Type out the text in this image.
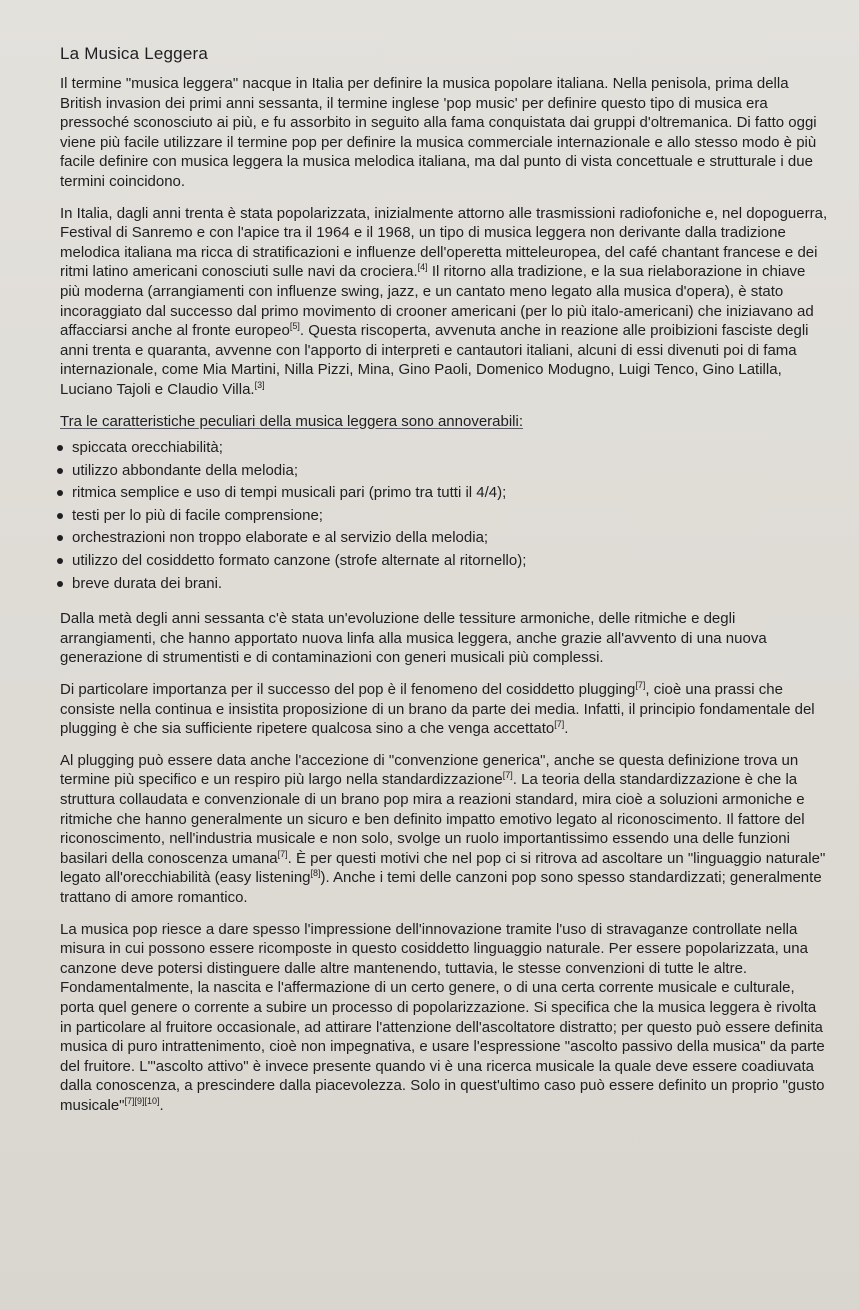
La Musica Leggera

Il termine "musica leggera" nacque in Italia per definire la musica popolare italiana. Nella penisola, prima della British invasion dei primi anni sessanta, il termine inglese 'pop music' per definire questo tipo di musica era pressoché sconosciuto ai più, e fu assorbito in seguito alla fama conquistata dai gruppi d'oltremanica. Di fatto oggi viene più facile utilizzare il termine pop per definire la musica commerciale internazionale e allo stesso modo è più facile definire con musica leggera la musica melodica italiana, ma dal punto di vista concettuale e strutturale i due termini coincidono.

In Italia, dagli anni trenta è stata popolarizzata, inizialmente attorno alle trasmissioni radiofoniche e, nel dopoguerra, Festival di Sanremo e con l'apice tra il 1964 e il 1968, un tipo di musica leggera non derivante dalla tradizione melodica italiana ma ricca di stratificazioni e influenze dell'operetta mitteleuropea, del café chantant francese e dei ritmi latino americani conosciuti sulle navi da crociera.[4] Il ritorno alla tradizione, e la sua rielaborazione in chiave più moderna (arrangiamenti con influenze swing, jazz, e un cantato meno legato alla musica d'opera), è stato incoraggiato dal successo dal primo movimento di crooner americani (per lo più italo-americani) che iniziavano ad affacciarsi anche al fronte europeo[5]. Questa riscoperta, avvenuta anche in reazione alle proibizioni fasciste degli anni trenta e quaranta, avvenne con l'apporto di interpreti e cantautori italiani, alcuni di essi divenuti poi di fama internazionale, come Mia Martini, Nilla Pizzi, Mina, Gino Paoli, Domenico Modugno, Luigi Tenco, Gino Latilla, Luciano Tajoli e Claudio Villa.[3]

Tra le caratteristiche peculiari della musica leggera sono annoverabili:

spiccata orecchiabilità;
utilizzo abbondante della melodia;
ritmica semplice e uso di tempi musicali pari (primo tra tutti il 4/4);
testi per lo più di facile comprensione;
orchestrazioni non troppo elaborate e al servizio della melodia;
utilizzo del cosiddetto formato canzone (strofe alternate al ritornello);
breve durata dei brani.

Dalla metà degli anni sessanta c'è stata un'evoluzione delle tessiture armoniche, delle ritmiche e degli arrangiamenti, che hanno apportato nuova linfa alla musica leggera, anche grazie all'avvento di una nuova generazione di strumentisti e di contaminazioni con generi musicali più complessi.

Di particolare importanza per il successo del pop è il fenomeno del cosiddetto plugging[7], cioè una prassi che consiste nella continua e insistita proposizione di un brano da parte dei media. Infatti, il principio fondamentale del plugging è che sia sufficiente ripetere qualcosa sino a che venga accettato[7].

Al plugging può essere data anche l'accezione di "convenzione generica", anche se questa definizione trova un termine più specifico e un respiro più largo nella standardizzazione[7]. La teoria della standardizzazione è che la struttura collaudata e convenzionale di un brano pop mira a reazioni standard, mira cioè a soluzioni armoniche e ritmiche che hanno generalmente un sicuro e ben definito impatto emotivo legato al riconoscimento. Il fattore del riconoscimento, nell'industria musicale e non solo, svolge un ruolo importantissimo essendo una delle funzioni basilari della conoscenza umana[7]. È per questi motivi che nel pop ci si ritrova ad ascoltare un "linguaggio naturale" legato all'orecchiabilità (easy listening[8]). Anche i temi delle canzoni pop sono spesso standardizzati; generalmente trattano di amore romantico.

La musica pop riesce a dare spesso l'impressione dell'innovazione tramite l'uso di stravaganze controllate nella misura in cui possono essere ricomposte in questo cosiddetto linguaggio naturale. Per essere popolarizzata, una canzone deve potersi distinguere dalle altre mantenendo, tuttavia, le stesse convenzioni di tutte le altre. Fondamentalmente, la nascita e l'affermazione di un certo genere, o di una certa corrente musicale e culturale, porta quel genere o corrente a subire un processo di popolarizzazione. Si specifica che la musica leggera è rivolta in particolare al fruitore occasionale, ad attirare l'attenzione dell'ascoltatore distratto; per questo può essere definita musica di puro intrattenimento, cioè non impegnativa, e usare l'espressione "ascolto passivo della musica" da parte del fruitore. L'"ascolto attivo" è invece presente quando vi è una ricerca musicale la quale deve essere coadiuvata dalla conoscenza, a prescindere dalla piacevolezza. Solo in quest'ultimo caso può essere definito un proprio "gusto musicale"[7][9][10].
